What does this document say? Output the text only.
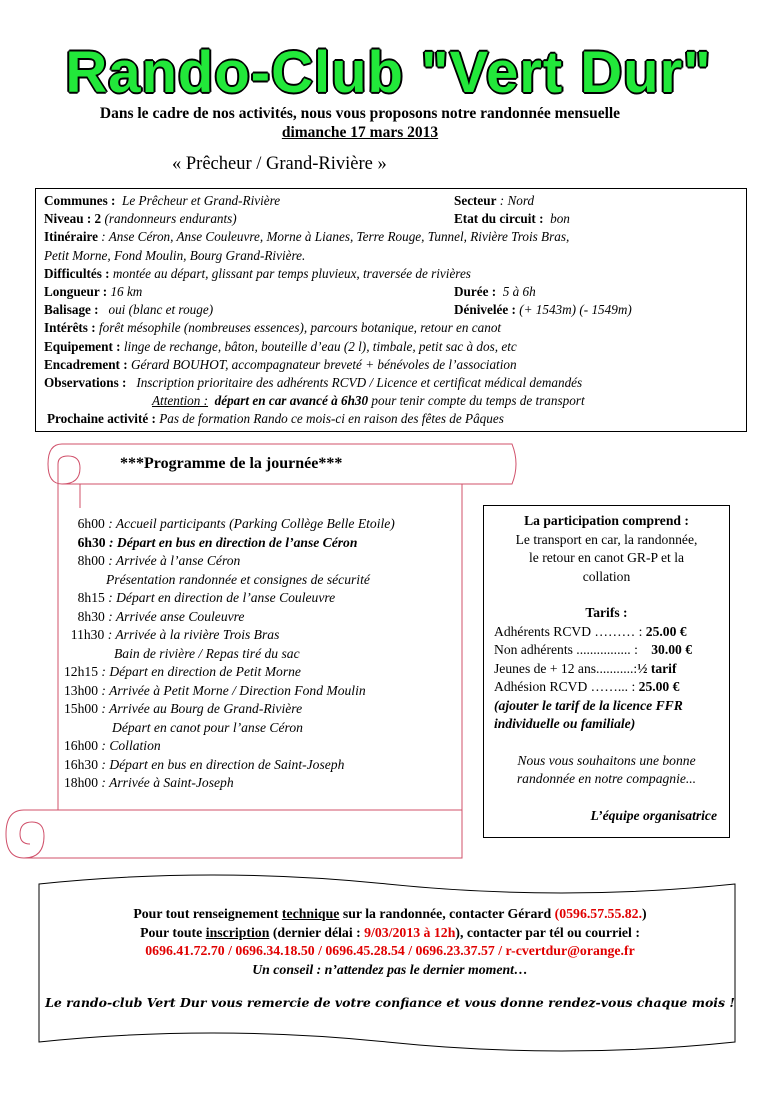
Rando-Club "Vert Dur"
Dans le cadre de nos activités, nous vous proposons notre randonnée mensuelle
dimanche 17 mars 2013
« Prêcheur / Grand-Rivière »
Communes : Le Prêcheur et Grand-Rivière	Secteur : Nord
Niveau : 2 (randonneurs endurants)	Etat du circuit : bon
Itinéraire : Anse Céron, Anse Couleuvre, Morne à Lianes, Terre Rouge, Tunnel, Rivière Trois Bras,
Petit Morne, Fond Moulin, Bourg Grand-Rivière.
Difficultés : montée au départ, glissant par temps pluvieux, traversée de rivières
Longueur : 16 km	Durée : 5 à 6h
Balisage : oui (blanc et rouge)	Dénivelée : (+ 1543m) (- 1549m)
Intérêts : forêt mésophile (nombreuses essences), parcours botanique, retour en canot
Equipement : linge de rechange, bâton, bouteille d’eau (2 l), timbale, petit sac à dos, etc
Encadrement : Gérard BOUHOT, accompagnateur breveté + bénévoles de l’association
Observations : Inscription prioritaire des adhérents RCVD / Licence et certificat médical demandés
Attention : départ en car avancé à 6h30 pour tenir compte du temps de transport
Prochaine activité : Pas de formation Rando ce mois-ci en raison des fêtes de Pâques
***Programme de la journée***
6h00 : Accueil participants (Parking Collège Belle Etoile)
6h30 : Départ en bus en direction de l’anse Céron
8h00 : Arrivée à l’anse Céron
Présentation randonnée et consignes de sécurité
8h15 : Départ en direction de l’anse Couleuvre
8h30 : Arrivée anse Couleuvre
11h30 : Arrivée à la rivière Trois Bras
Bain de rivière / Repas tiré du sac
12h15 : Départ en direction de Petit Morne
13h00 : Arrivée à Petit Morne / Direction Fond Moulin
15h00 : Arrivée au Bourg de Grand-Rivière
Départ en canot pour l’anse Céron
16h00 : Collation
16h30 : Départ en bus en direction de Saint-Joseph
18h00 : Arrivée à Saint-Joseph
La participation comprend :
Le transport en car, la randonnée,
le retour en canot GR-P et la
collation
Tarifs :
Adhérents RCVD ……… : 25.00 €
Non adhérents ................ : 30.00 €
Jeunes de + 12 ans...........:½ tarif
Adhésion RCVD ……... : 25.00 €
(ajouter le tarif de la licence FFR individuelle ou familiale)
Nous vous souhaitons une bonne
randonnée en notre compagnie...
L’équipe organisatrice
Pour tout renseignement technique sur la randonnée, contacter Gérard (0596.57.55.82.)
Pour toute inscription (dernier délai : 9/03/2013 à 12h), contacter par tél ou courriel :
0696.41.72.70 / 0696.34.18.50 / 0696.45.28.54 / 0696.23.37.57 / r-cvertdur@orange.fr
Un conseil : n’attendez pas le dernier moment…
Le rando-club Vert Dur vous remercie de votre confiance et vous donne rendez-vous chaque mois !
